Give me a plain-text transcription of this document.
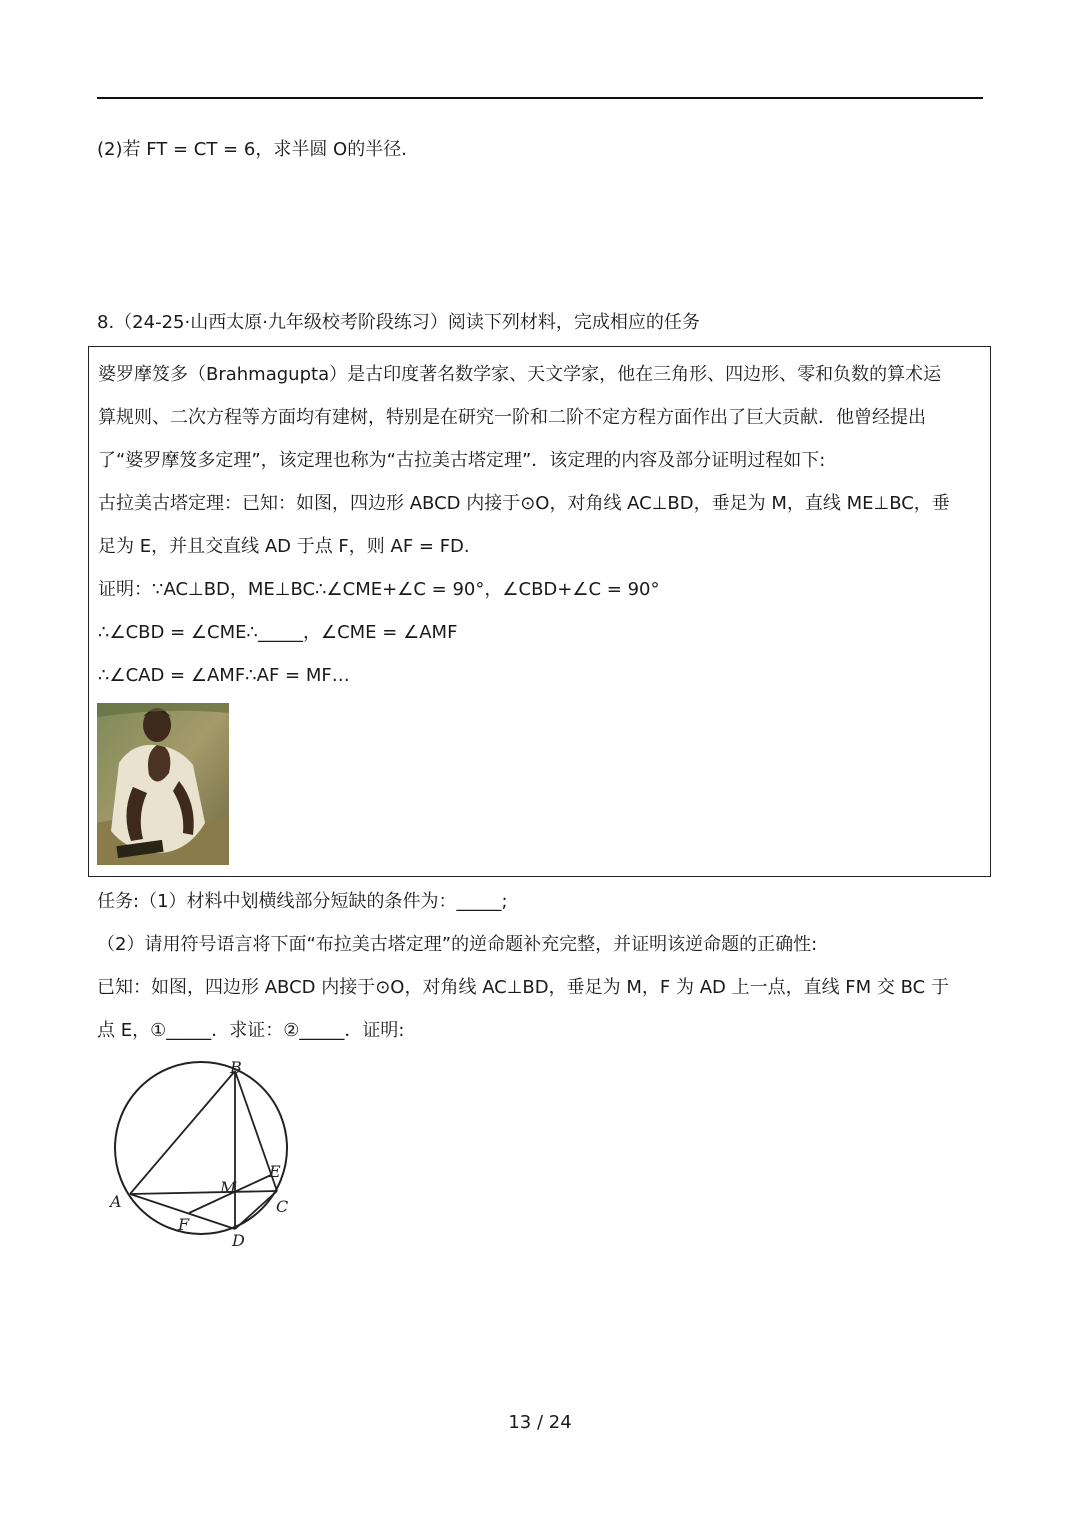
(2)若 FT = CT = 6，求半圆 O的半径.
8.（24-25·山西太原·九年级校考阶段练习）阅读下列材料，完成相应的任务
婆罗摩笈多（Brahmagupta）是古印度著名数学家、天文学家，他在三角形、四边形、零和负数的算术运
算规则、二次方程等方面均有建树，特别是在研究一阶和二阶不定方程方面作出了巨大贡献．他曾经提出
了“婆罗摩笈多定理”，该定理也称为“古拉美古塔定理”．该定理的内容及部分证明过程如下:
古拉美古塔定理：已知：如图，四边形 ABCD 内接于⊙O，对角线 AC⊥BD，垂足为 M，直线 ME⊥BC，垂
足为 E，并且交直线 AD 于点 F，则 AF = FD.
证明：∵AC⊥BD，ME⊥BC∴∠CME+∠C = 90°，∠CBD+∠C = 90°
∴∠CBD = ∠CME∴_____，∠CME = ∠AMF
∴∠CAD = ∠AMF∴AF = MF…
任务:（1）材料中划横线部分短缺的条件为：_____;
（2）请用符号语言将下面“布拉美古塔定理”的逆命题补充完整，并证明该逆命题的正确性:
已知：如图，四边形 ABCD 内接于⊙O，对角线 AC⊥BD，垂足为 M，F 为 AD 上一点，直线 FM 交 BC 于
点 E，①_____．求证：②_____．证明:
B
A	C
D
E
F
M
13 / 24
